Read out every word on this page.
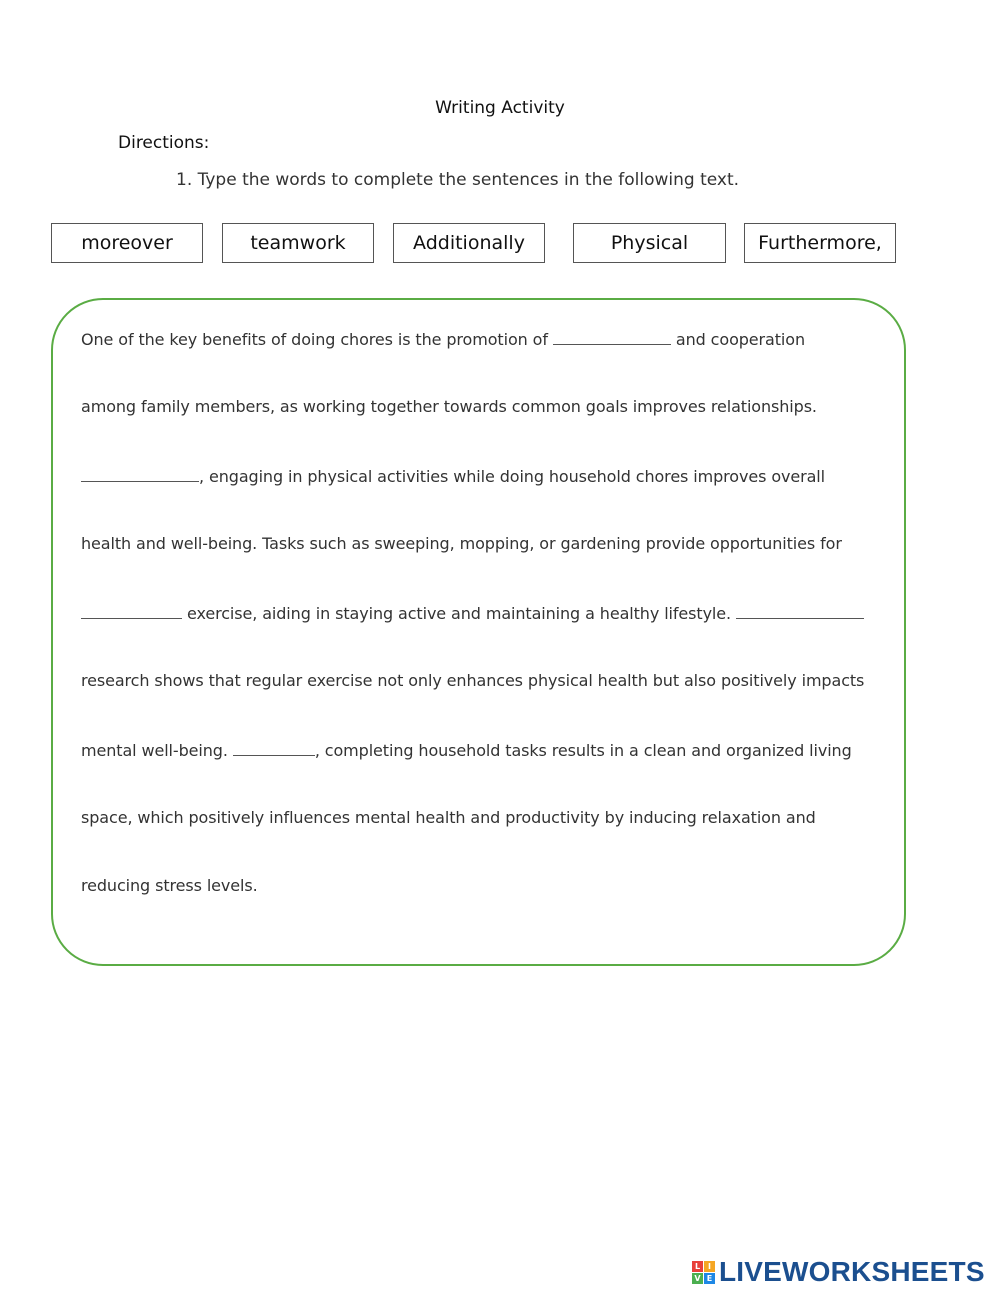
Writing Activity
Directions:
1. Type the words to complete the sentences in the following text.
moreover	teamwork	Additionally	Physical	Furthermore,
One of the key benefits of doing chores is the promotion of	and cooperation
among family members, as working together towards common goals improves relationships.
, engaging in physical activities while doing household chores improves overall
health and well-being. Tasks such as sweeping, mopping, or gardening provide opportunities for
exercise, aiding in staying active and maintaining a healthy lifestyle.
research shows that regular exercise not only enhances physical health but also positively impacts
mental well-being.	, completing household tasks results in a clean and organized living
space, which positively influences mental health and productivity by inducing relaxation and
reducing stress levels.
L I
V E LIVEWORKSHEETS
